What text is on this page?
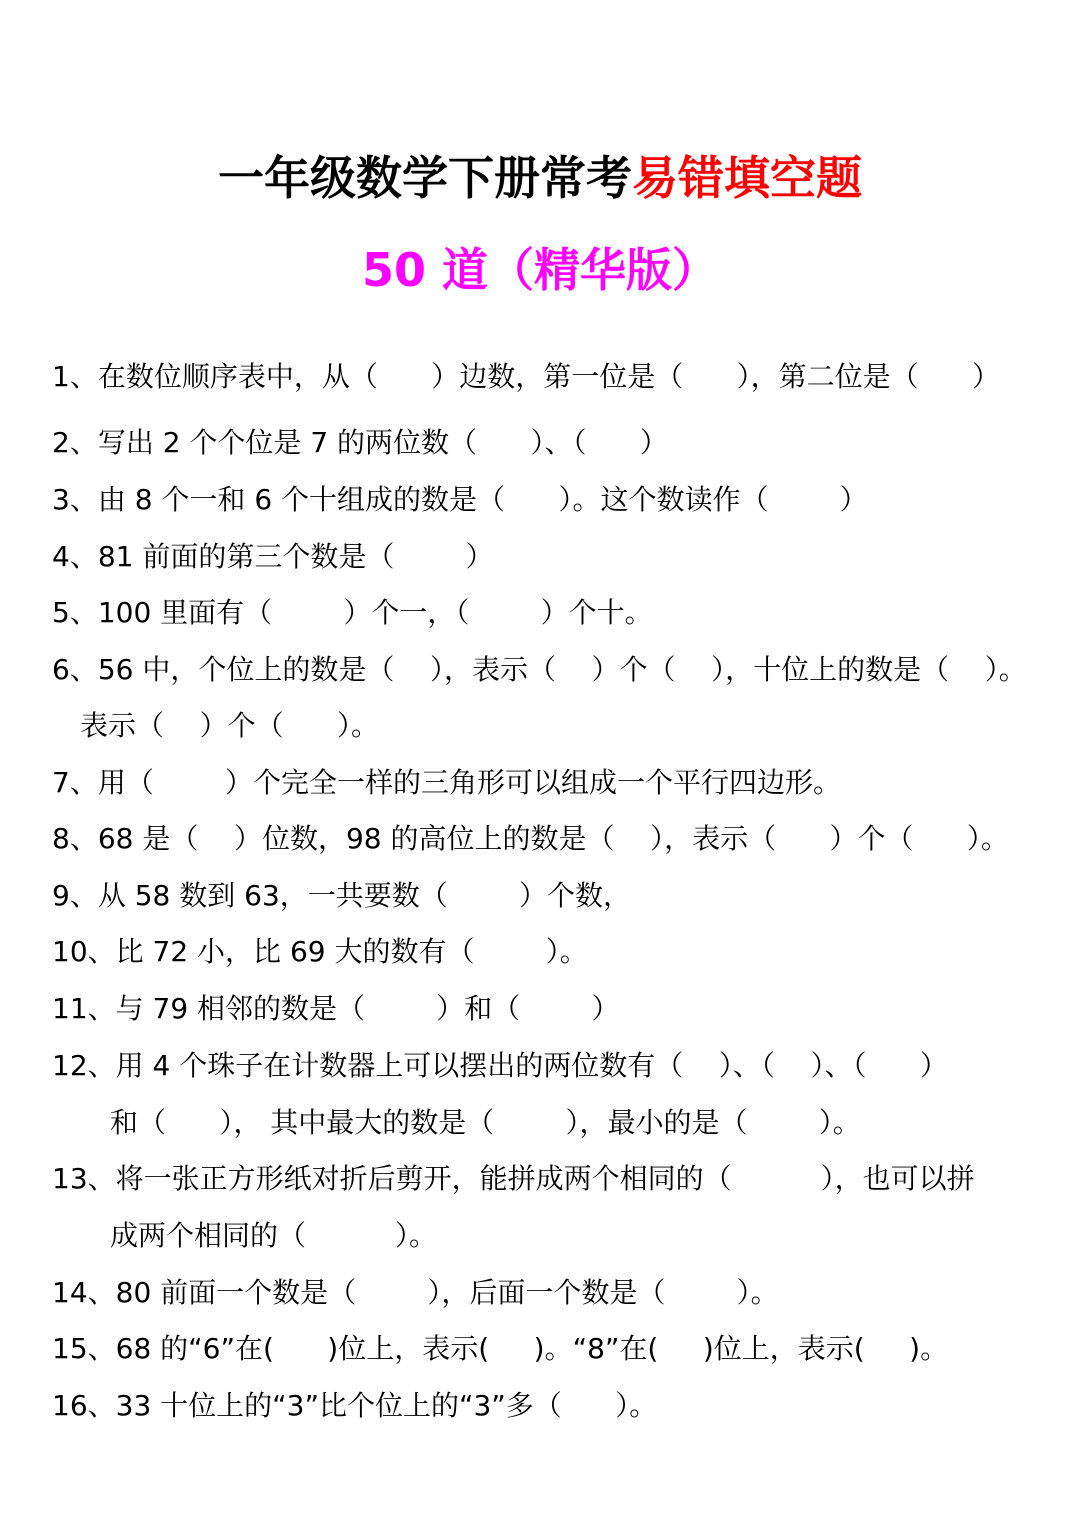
一年级数学下册常考易错填空题
50 道（精华版）
1、在数位顺序表中，从（      ）边数，第一位是（      ），第二位是（      ）
2、写出 2 个个位是 7 的两位数（      ）、（      ）
3、由 8 个一和 6 个十组成的数是（      ）。这个数读作（        ）
4、81 前面的第三个数是（        ）
5、100 里面有（        ）个一，（        ）个十。
6、56 中，个位上的数是（    ），表示（    ）个（    ），十位上的数是（    ）。
表示（    ）个（      ）。
7、用（        ）个完全一样的三角形可以组成一个平行四边形。
8、68 是（    ）位数，98 的高位上的数是（    ），表示（      ）个（      ）。
9、从 58 数到 63，一共要数（        ）个数，
10、比 72 小，比 69 大的数有（        ）。
11、与 79 相邻的数是（        ）和（        ）
12、用 4 个珠子在计数器上可以摆出的两位数有（    ）、（    ）、（      ）
和（      ）， 其中最大的数是（        ），最小的是（        ）。
13、将一张正方形纸对折后剪开，能拼成两个相同的（          ），也可以拼
成两个相同的（          ）。
14、80 前面一个数是（        ），后面一个数是（        ）。
15、68 的“6”在(      )位上，表示(     )。“8”在(     )位上，表示(     )。
16、33 十位上的“3”比个位上的“3”多（      ）。
